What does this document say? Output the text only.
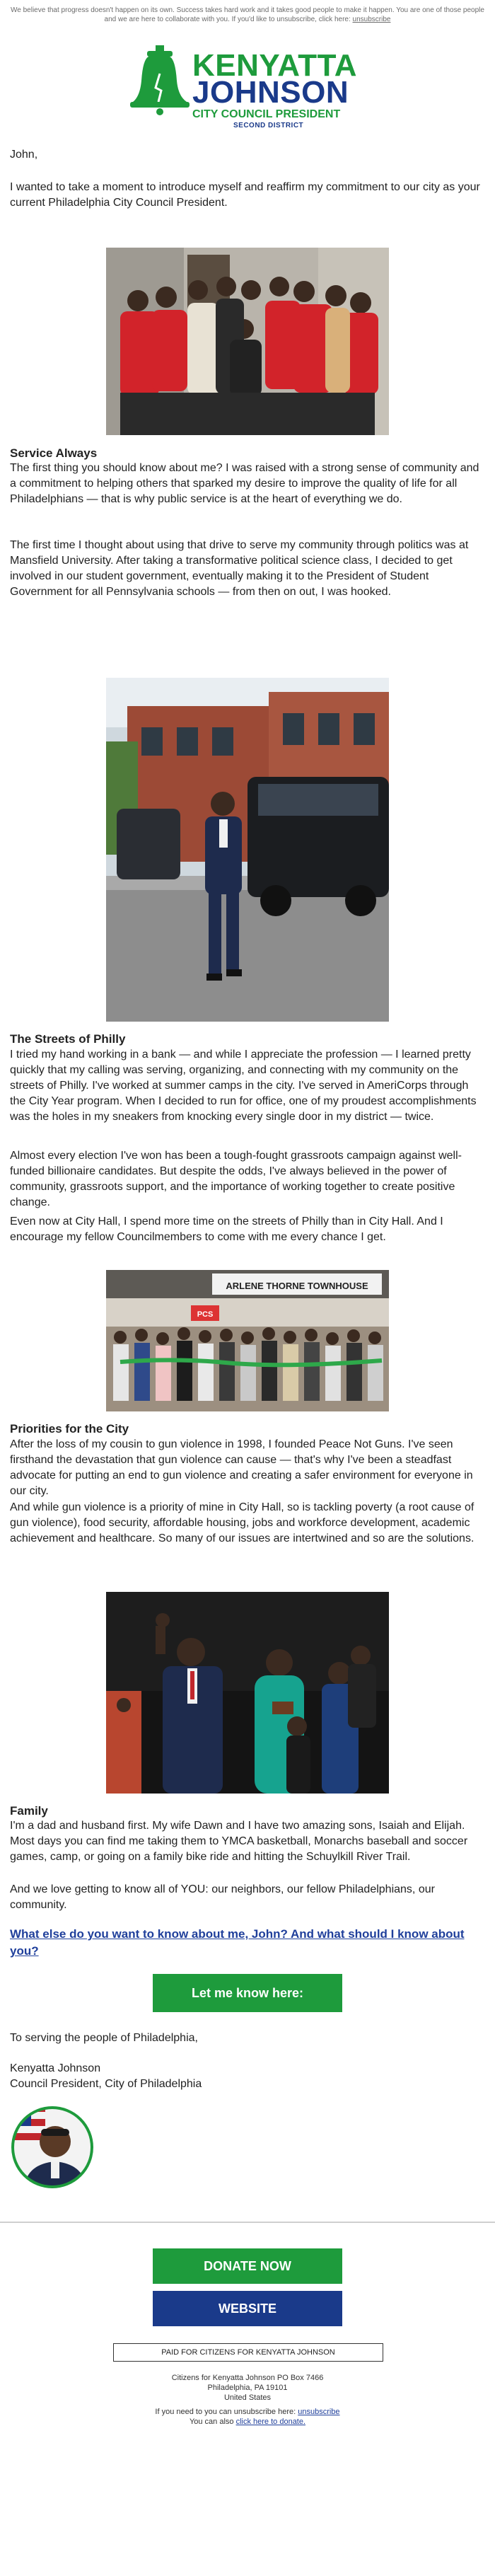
We believe that progress doesn't happen on its own. Success takes hard work and it takes good people to make it happen. You are one of those people and we are here to collaborate with you. If you'd like to unsubscribe, click here: unsubscribe
KENYATTA
JOHNSON
CITY COUNCIL PRESIDENT
SECOND DISTRICT
John,
I wanted to take a moment to introduce myself and reaffirm my commitment to our city as your current Philadelphia City Council President.
Service Always
The first thing you should know about me? I was raised with a strong sense of community and a commitment to helping others that sparked my desire to improve the quality of life for all Philadelphians — that is why public service is at the heart of everything we do.
The first time I thought about using that drive to serve my community through politics was at Mansfield University. After taking a transformative political science class, I decided to get involved in our student government, eventually making it to the President of Student Government for all Pennsylvania schools — from then on out, I was hooked.
The Streets of Philly
I tried my hand working in a bank — and while I appreciate the profession — I learned pretty quickly that my calling was serving, organizing, and connecting with my community on the streets of Philly. I've worked at summer camps in the city. I've served in AmeriCorps through the City Year program. When I decided to run for office, one of my proudest accomplishments was the holes in my sneakers from knocking every single door in my district — twice.
Almost every election I've won has been a tough-fought grassroots campaign against well-funded billionaire candidates. But despite the odds, I've always believed in the power of community, grassroots support, and the importance of working together to create positive change.
Even now at City Hall, I spend more time on the streets of Philly than in City Hall. And I encourage my fellow Councilmembers to come with me every chance I get.
ARLENE THORNE TOWNHOUSE
PCS
Priorities for the City
After the loss of my cousin to gun violence in 1998, I founded Peace Not Guns. I've seen firsthand the devastation that gun violence can cause — that's why I've been a steadfast advocate for putting an end to gun violence and creating a safer environment for everyone in our city.
And while gun violence is a priority of mine in City Hall, so is tackling poverty (a root cause of gun violence), food security, affordable housing, jobs and workforce development, academic achievement and healthcare. So many of our issues are intertwined and so are the solutions.
Family
I'm a dad and husband first. My wife Dawn and I have two amazing sons, Isaiah and Elijah. Most days you can find me taking them to YMCA basketball, Monarchs baseball and soccer games, camp, or going on a family bike ride and hitting the Schuylkill River Trail.
And we love getting to know all of YOU: our neighbors, our fellow Philadelphians, our community.
What else do you want to know about me, John? And what should I know about you?
Let me know here:
To serving the people of Philadelphia,
Kenyatta Johnson
Council President, City of Philadelphia
DONATE NOW
WEBSITE
PAID FOR CITIZENS FOR KENYATTA JOHNSON
Citizens for Kenyatta Johnson PO Box 7466
Philadelphia, PA 19101
United States
If you need to you can unsubscribe here: unsubscribe
You can also click here to donate.
